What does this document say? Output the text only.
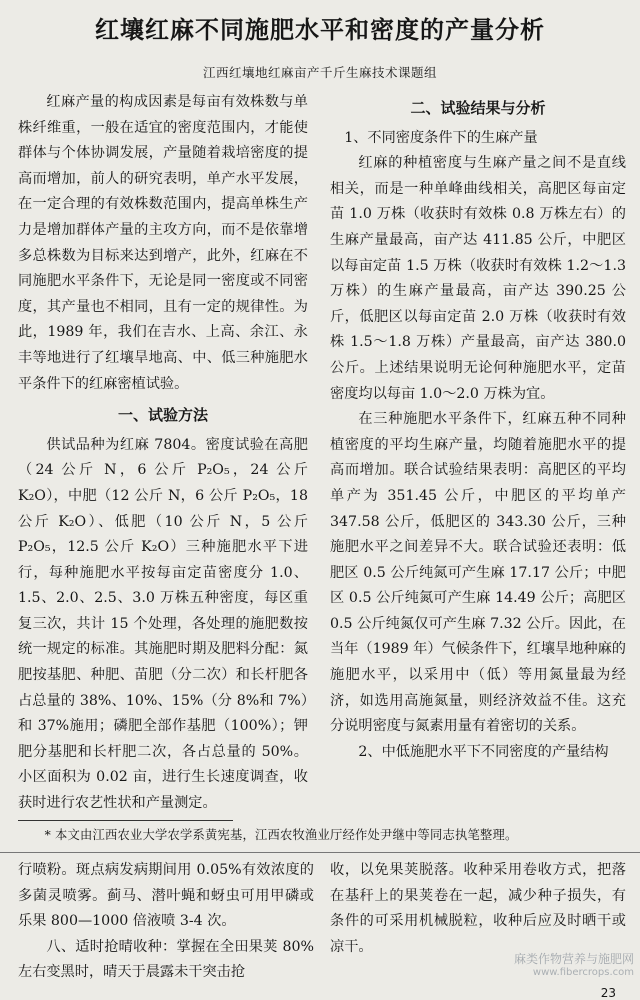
红壤红麻不同施肥水平和密度的产量分析
江西红壤地红麻亩产千斤生麻技术课题组

红麻产量的构成因素是每亩有效株数与单株纤维重，一般在适宜的密度范围内，才能使群体与个体协调发展，产量随着栽培密度的提高而增加，前人的研究表明，单产水平发展，在一定合理的有效株数范围内，提高单株生产力是增加群体产量的主攻方向，而不是依靠增多总株数为目标来达到增产，此外，红麻在不同施肥水平条件下，无论是同一密度或不同密度，其产量也不相同，且有一定的规律性。为此，1989 年，我们在吉水、上高、余江、永丰等地进行了红壤旱地高、中、低三种施肥水平条件下的红麻密植试验。

一、试验方法

供试品种为红麻 7804。密度试验在高肥（24 公斤 N，6 公斤 P₂O₅，24 公斤 K₂O），中肥（12 公斤 N，6 公斤 P₂O₅，18 公斤 K₂O）、低肥（10 公斤 N，5 公斤 P₂O₅，12.5 公斤 K₂O）三种施肥水平下进行，每种施肥水平按每亩定苗密度分 1.0、1.5、2.0、2.5、3.0 万株五种密度，每区重复三次，共计 15 个处理，各处理的施肥数按统一规定的标准。其施肥时期及肥料分配：氮肥按基肥、种肥、苗肥（分二次）和长杆肥各占总量的 38%、10%、15%（分 8%和 7%）和 37%施用；磷肥全部作基肥（100%）；钾肥分基肥和长杆肥二次，各占总量的 50%。小区面积为 0.02 亩，进行生长速度调查，收获时进行农艺性状和产量测定。

二、试验结果与分析

1、不同密度条件下的生麻产量

红麻的种植密度与生麻产量之间不是直线相关，而是一种单峰曲线相关，高肥区每亩定苗 1.0 万株（收获时有效株 0.8 万株左右）的生麻产量最高，亩产达 411.85 公斤，中肥区以每亩定苗 1.5 万株（收获时有效株 1.2～1.3 万株）的生麻产量最高，亩产达 390.25 公斤，低肥区以每亩定苗 2.0 万株（收获时有效株 1.5～1.8 万株）产量最高，亩产达 380.0 公斤。上述结果说明无论何种施肥水平，定苗密度均以每亩 1.0～2.0 万株为宜。

在三种施肥水平条件下，红麻五种不同种植密度的平均生麻产量，均随着施肥水平的提高而增加。联合试验结果表明：高肥区的平均单产为 351.45 公斤，中肥区的平均单产 347.58 公斤，低肥区的 343.30 公斤，三种施肥水平之间差异不大。联合试验还表明：低肥区 0.5 公斤纯氮可产生麻 17.17 公斤；中肥区 0.5 公斤纯氮可产生麻 14.49 公斤；高肥区 0.5 公斤纯氮仅可产生麻 7.32 公斤。因此，在当年（1989 年）气候条件下，红壤旱地种麻的施肥水平，以采用中（低）等用氮量最为经济，如选用高施氮量，则经济效益不佳。这充分说明密度与氮素用量有着密切的关系。

2、中低施肥水平下不同密度的产量结构

* 本文由江西农业大学农学系黄宪基，江西农牧渔业厅经作处尹继中等同志执笔整理。

行喷粉。斑点病发病期间用 0.05%有效浓度的多菌灵喷雾。蓟马、潜叶蝇和蚜虫可用甲磷或乐果 800—1000 倍液喷 3-4 次。

八、适时抢晴收种：掌握在全田果荚 80%左右变黑时，晴天于晨露未干突击抢

收，以免果荚脱落。收种采用卷收方式，把落在基秆上的果荚卷在一起，减少种子损失，有条件的可采用机械脱粒，收种后应及时晒干或凉干。

麻类作物营养与施肥网
www.fibercrops.com
23
